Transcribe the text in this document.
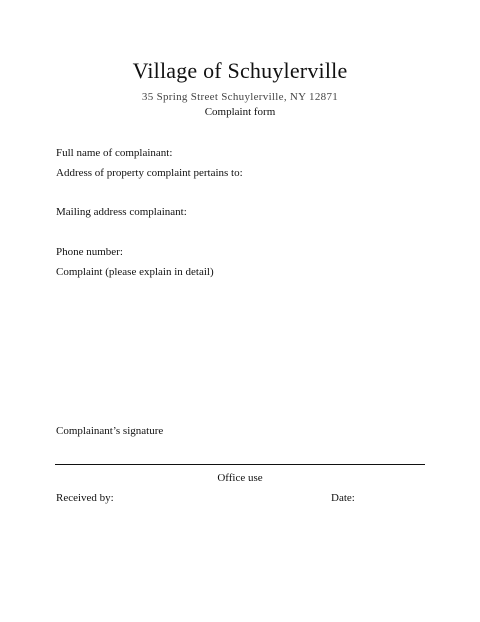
Village of Schuylerville
35 Spring Street Schuylerville, NY 12871
Complaint form
Full name of complainant:
Address of property complaint pertains to:
Mailing address complainant:
Phone number:
Complaint (please explain in detail)
Complainant’s signature
Office use
Received by:	Date:
